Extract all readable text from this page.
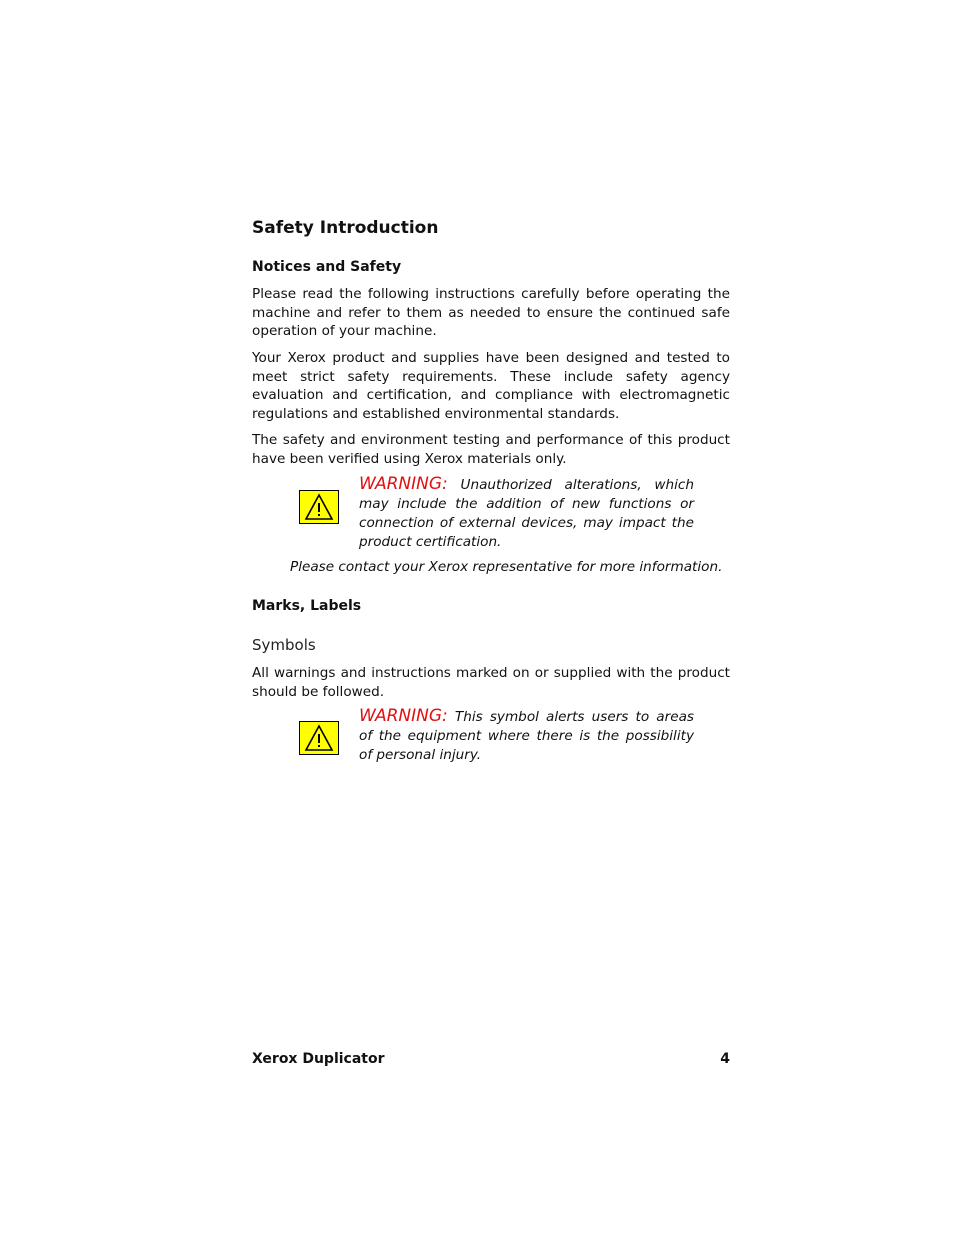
Safety Introduction
Notices and Safety

Please read the following instructions carefully before operating the machine and refer to them as needed to ensure the continued safe operation of your machine.

Your Xerox product and supplies have been designed and tested to meet strict safety requirements. These include safety agency evaluation and certification, and compliance with electromagnetic regulations and established environmental standards.

The safety and environment testing and performance of this product have been verified using Xerox materials only.

WARNING: Unauthorized alterations, which may include the addition of new functions or connection of external devices, may impact the product certification.

Please contact your Xerox representative for more information.

Marks, Labels
Symbols

All warnings and instructions marked on or supplied with the product should be followed.

WARNING: This symbol alerts users to areas of the equipment where there is the possibility of personal injury.

Xerox Duplicator	4
